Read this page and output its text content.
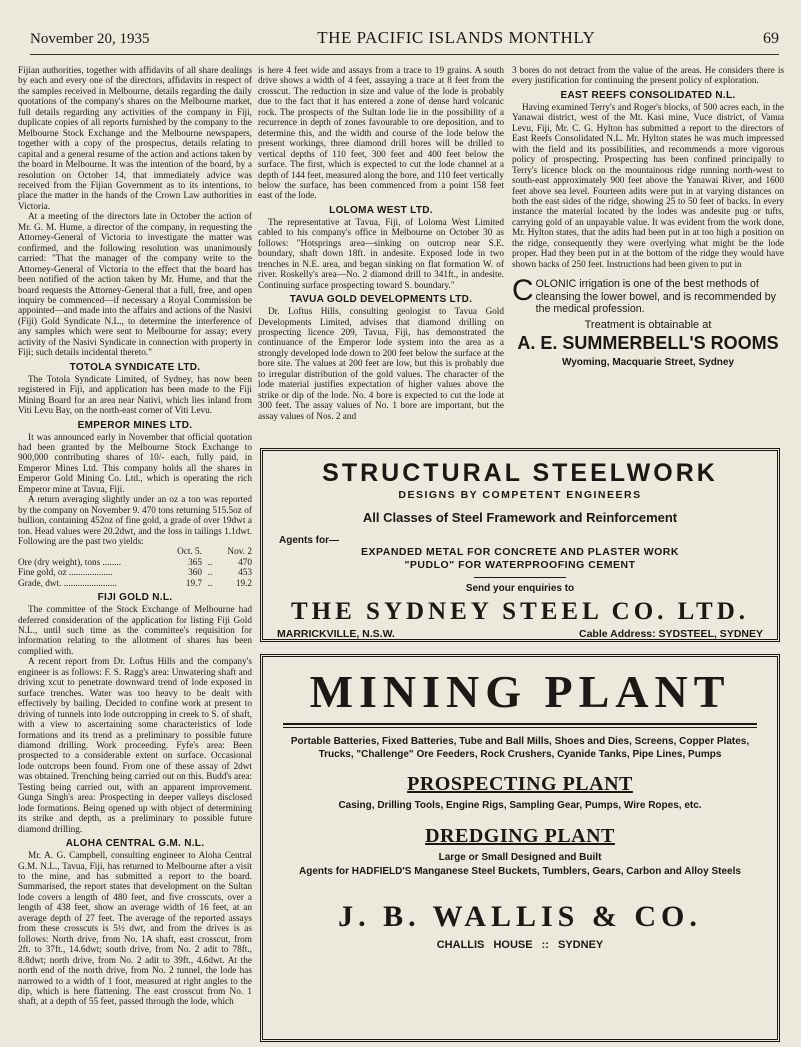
November 20, 1935	THE PACIFIC ISLANDS MONTHLY	69

Fijian authorities, together with affidavits of all share dealings by each and every one of the directors, affidavits in respect of the samples received in Melbourne, details regarding the daily quotations of the company's shares on the Melbourne market, full details regarding any activities of the company in Fiji, duplicate copies of all reports furnished by the company to the Melbourne Stock Exchange and the Melbourne newspapers, together with a copy of the prospectus, details relating to capital and a general resume of the action and actions taken by the board in Melbourne. It was the intention of the board, by a resolution on October 14, that immediately advice was received from the Fijian Government as to its intentions, to place the matter in the hands of the Crown Law authorities in Victoria.

At a meeting of the directors late in October the action of Mr. G. M. Hume, a director of the company, in requesting the Attorney-General of Victoria to investigate the matter was confirmed, and the following resolution was unanimously carried: "That the manager of the company write to the Attorney-General of Victoria to the effect that the board has been notified of the action taken by Mr. Hume, and that the board requests the Attorney-General that a full, free, and open inquiry be commenced—if necessary a Royal Commission be appointed—and made into the affairs and actions of the Nasivi (Fiji) Gold Syndicate N.L., to determine the interference of any samples which were sent to Melbourne for assay; every activity of the Nasivi Syndicate in connection with property in Fiji; such details incidental thereto."

TOTOLA SYNDICATE LTD.

The Totola Syndicate Limited, of Sydney, has now been registered in Fiji, and application has been made to the Fiji Mining Board for an area near Nativi, which lies inland from Viti Levu Bay, on the north-east corner of Viti Levu.

EMPEROR MINES LTD.

It was announced early in November that official quotation had been granted by the Melbourne Stock Exchange to 900,000 contributing shares of 10/- each, fully paid, in Emperor Mines Ltd. This company holds all the shares in Emperor Gold Mining Co. Ltd., which is operating the rich Emperor mine at Tavua, Fiji.

A return averaging slightly under an oz a ton was reported by the company on November 9. 470 tons returning 515.5oz of bullion, containing 452oz of fine gold, a grade of over 19dwt a ton. Head values were 20.2dwt, and the loss in tailings 1.1dwt. Following are the past two yields:

	Oct. 5.		Nov. 2
Ore (dry weight), tons ........	365	..	470
Fine gold, oz ...................	360	..	453
Grade, dwt. .......................	19.7	..	19.2
FIJI GOLD N.L.

The committee of the Stock Exchange of Melbourne had deferred consideration of the application for listing Fiji Gold N.L., until such time as the committee's requisition for information relating to the allotment of shares has been complied with.

A recent report from Dr. Loftus Hills and the company's engineer is as follows: F. S. Ragg's area: Unwatering shaft and driving xcut to penetrate downward trend of lode exposed in surface trenches. Water was too heavy to be dealt with effectively by bailing. Decided to confine work at present to driving of tunnels into lode outcropping in creek to S. of shaft, with a view to ascertaining some characteristics of lode formations and its trend as a preliminary to possible future diamond drilling. Work proceeding. Fyfe's area: Been prospected to a considerable extent on surface. Occasional lode outcrops been found. From one of these assay of 2dwt was obtained. Trenching being carried out on this. Budd's area: Testing being carried out, with an apparent improvement. Gunga Singh's area: Prospecting in deeper valleys disclosed lode formations. Being opened up with object of determining its strike and depth, as a preliminary to possible future diamond drilling.

ALOHA CENTRAL G.M. N.L.

Mr. A. G. Campbell, consulting engineer to Aloha Central G.M. N.L., Tavua, Fiji, has returned to Melbourne after a visit to the mine, and has submitted a report to the board. Summarised, the report states that development on the Sultan lode covers a length of 480 feet, and five crosscuts, over a length of 438 feet, show an average width of 16 feet, at an average depth of 27 feet. The average of the reported assays from these crosscuts is 5½ dwt, and from the drives is as follows: North drive, from No. 1A shaft, east crosscut, from 2ft. to 37ft., 14.6dwt; south drive, from No. 2 adit to 78ft., 8.8dwt; north drive, from No. 2 adit to 39ft., 4.6dwt. At the north end of the north drive, from No. 2 tunnel, the lode has narrowed to a width of 1 foot, measured at right angles to the dip, which is here flattening. The east crosscut from No. 1 shaft, at a depth of 55 feet, passed through the lode, which

is here 4 feet wide and assays from a trace to 19 grains. A south drive shows a width of 4 feet, assaying a trace at 8 feet from the crosscut. The reduction in size and value of the lode is probably due to the fact that it has entered a zone of dense hard volcanic rock. The prospects of the Sultan lode lie in the possibility of a recurrence in depth of zones favourable to ore deposition, and to determine this, and the width and course of the lode below the present workings, three diamond drill bores will be drilled to vertical depths of 110 feet, 300 feet and 400 feet below the surface. The first, which is expected to cut the lode channel at a depth of 144 feet, measured along the bore, and 110 feet vertically below the surface, has been commenced from a point 158 feet east of the lode.

LOLOMA WEST LTD.

The representative at Tavua, Fiji, of Loloma West Limited cabled to his company's office in Melbourne on October 30 as follows: "Hotsprings area—sinking on outcrop near S.E. boundary, shaft down 18ft. in andesite. Exposed lode in two trenches in N.E. area, and began sinking on flat formation W. of river. Roskelly's area—No. 2 diamond drill to 341ft., in andesite. Continuing surface prospecting toward S. boundary."

TAVUA GOLD DEVELOPMENTS LTD.

Dr. Loftus Hills, consulting geologist to Tavua Gold Developments Limited, advises that diamond drilling on prospecting licence 209, Tavua, Fiji, has demonstrated the continuance of the Emperor lode system into the area as a strongly developed lode down to 200 feet below the surface at the bore site. The values at 200 feet are low, but this is probably due to irregular distribution of the gold values. The character of the lode material justifies expectation of higher values above the strike or dip of the lode. No. 4 bore is expected to cut the lode at 300 feet. The assay values of No. 1 bore are important, but the assay values of Nos. 2 and

3 bores do not detract from the value of the areas. He considers there is every justification for continuing the present policy of exploration.

EAST REEFS CONSOLIDATED N.L.

Having examined Terry's and Roger's blocks, of 500 acres each, in the Yanawai district, west of the Mt. Kasi mine, Vuce district, of Vanua Levu, Fiji, Mr. C. G. Hylton has submitted a report to the directors of East Reefs Consolidated N.L. Mr. Hylton states he was much impressed with the field and its possibilities, and recommends a more vigorous policy of prospecting. Prospecting has been confined principally to Terry's licence block on the mountainous ridge running north-west to south-east approximately 900 feet above the Yanawai River, and 1600 feet above sea level. Fourteen adits were put in at varying distances on both the east sides of the ridge, showing 25 to 50 feet of backs. In every instance the material located by the lodes was andesite pug or tufts, carrying gold of an unpayable value. It was evident from the work done, Mr. Hylton states, that the adits had been put in at too high a position on the ridge, consequently they were overlying what might be the lode proper. Had they been put in at the bottom of the ridge they would have shown backs of 250 feet. Instructions had been given to put in

COLONIC irrigation is one of the best methods of cleansing the lower bowel, and is recommended by the medical profession.
Treatment is obtainable at
A. E. SUMMERBELL'S ROOMS
Wyoming, Macquarie Street, Sydney
STRUCTURAL STEELWORK
DESIGNS BY COMPETENT ENGINEERS
All Classes of Steel Framework and Reinforcement
Agents for—
EXPANDED METAL FOR CONCRETE AND PLASTER WORK
"PUDLO" FOR WATERPROOFING CEMENT
Send your enquiries to
THE SYDNEY STEEL CO. LTD.
MARRICKVILLE, N.S.W.	Cable Address: SYDSTEEL, SYDNEY
MINING PLANT
Portable Batteries, Fixed Batteries, Tube and Ball Mills, Shoes and Dies, Screens, Copper Plates, Trucks, "Challenge" Ore Feeders, Rock Crushers, Cyanide Tanks, Pipe Lines, Pumps
PROSPECTING PLANT
Casing, Drilling Tools, Engine Rigs, Sampling Gear, Pumps, Wire Ropes, etc.
DREDGING PLANT
Large or Small Designed and Built
Agents for HADFIELD'S Manganese Steel Buckets, Tumblers, Gears, Carbon and Alloy Steels
J. B. WALLIS & CO.
CHALLIS HOUSE :: SYDNEY
